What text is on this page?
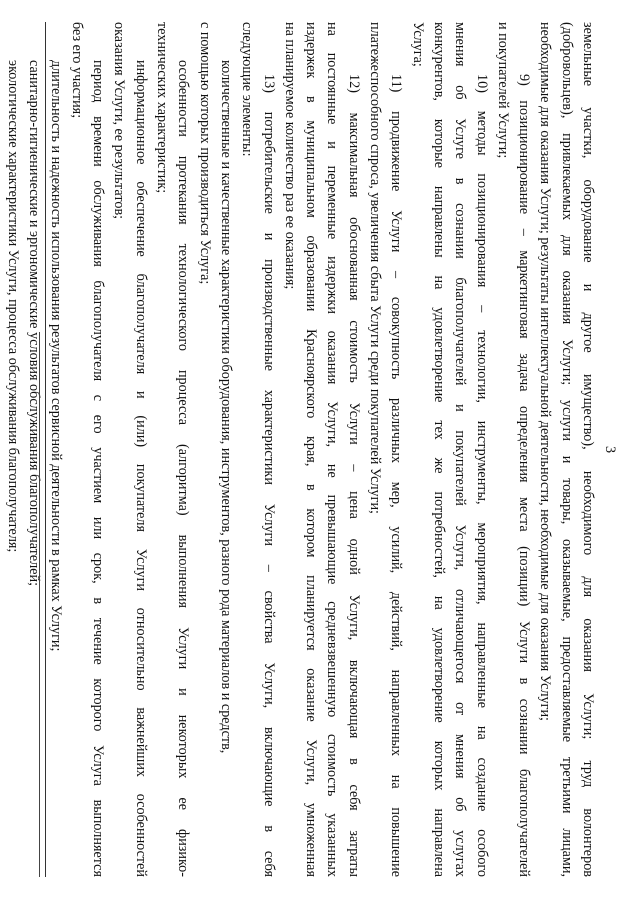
3
земельные участки, оборудование и другое имущество), необходимого для оказания Услуги; труд волонтеров
(добровольцев), привлекаемых для оказания Услуги; услуги и товары, оказываемые, предоставляемые третьими лицами,
необходимые для оказания Услуги; результаты интеллектуальной деятельности, необходимые для оказания Услуги;
9) позиционирование – маркетинговая задача определения места (позиции) Услуги в сознании благополучателей
и покупателей Услуги;
10) методы позиционирования – технологии, инструменты, мероприятия, направленные на создание особого
мнения об Услуге в сознании благополучателей и покупателей Услуги, отличающегося от мнения об услугах
конкурентов, которые направлены на удовлетворение тех же потребностей, на удовлетворение которых направлена
Услуга;
11) продвижение Услуги – совокупность различных мер, усилий, действий, направленных на повышение
платежеспособного спроса, увеличения сбыта Услуги среди покупателей Услуги;
12) максимальная обоснованная стоимость Услуги – цена одной Услуги, включающая в себя затраты
на постоянные и переменные издержки оказания Услуги, не превышающие средневзвешенную стоимость указанных
издержек в муниципальном образовании Красноярского края, в котором планируется оказание Услуги, умноженная
на планируемое количество раз ее оказания;
13) потребительские и производственные характеристики Услуги – свойства Услуги, включающие в себя
следующие элементы:
количественные и качественные характеристики оборудования, инструментов, разного рода материалов и средств,
с помощью которых производиться Услуга;
особенности протекания технологического процесса (алгоритма) выполнения Услуги и некоторых ее физико-
технических характеристик;
информационное обеспечение благополучателя и (или) покупателя Услуги относительно важнейших особенностей
оказания Услуги, ее результатов;
период времени обслуживания благополучателя с его участием или срок, в течение которого Услуга выполняется
без его участия;
длительность и надежность использования результатов сервисной деятельности в рамках Услуги;
санитарно-гигиенические и эргономические условия обслуживания благополучателей;
экологические характеристики Услуги, процесса обслуживания благополучателя;
